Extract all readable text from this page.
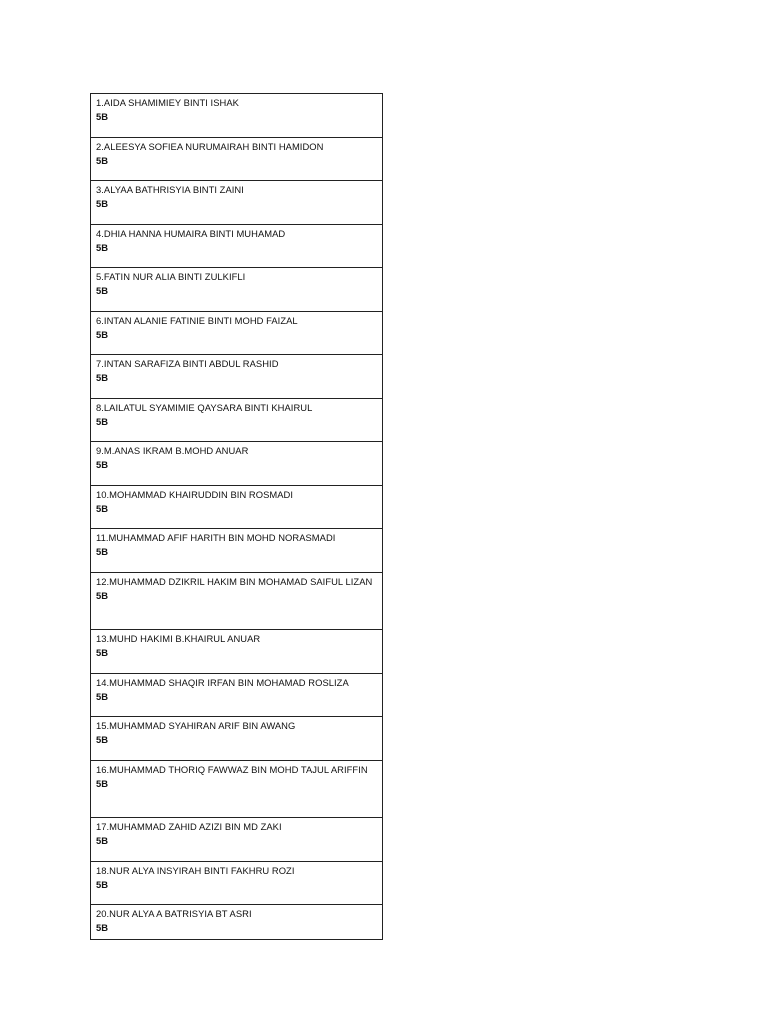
1.AIDA SHAMIMIEY BINTI ISHAK
5B

2.ALEESYA SOFIEA NURUMAIRAH BINTI HAMIDON
5B

3.ALYAA BATHRISYIA BINTI ZAINI
5B

4.DHIA HANNA HUMAIRA BINTI MUHAMAD
5B

5.FATIN NUR ALIA BINTI ZULKIFLI
5B

6.INTAN ALANIE FATINIE BINTI MOHD FAIZAL
5B

7.INTAN SARAFIZA BINTI ABDUL RASHID
5B

8.LAILATUL SYAMIMIE QAYSARA BINTI KHAIRUL
5B

9.M.ANAS IKRAM B.MOHD ANUAR
5B

10.MOHAMMAD KHAIRUDDIN BIN ROSMADI
5B

11.MUHAMMAD AFIF HARITH BIN MOHD NORASMADI
5B

12.MUHAMMAD DZIKRIL HAKIM BIN MOHAMAD SAIFUL LIZAN
5B

13.MUHD HAKIMI B.KHAIRUL ANUAR
5B

14.MUHAMMAD SHAQIR IRFAN BIN MOHAMAD ROSLIZA
5B

15.MUHAMMAD SYAHIRAN ARIF BIN AWANG
5B

16.MUHAMMAD THORIQ FAWWAZ BIN MOHD TAJUL ARIFFIN
5B

17.MUHAMMAD ZAHID AZIZI BIN MD ZAKI
5B

18.NUR ALYA INSYIRAH BINTI FAKHRU ROZI
5B

20.NUR ALYA A BATRISYIA BT ASRI
5B
